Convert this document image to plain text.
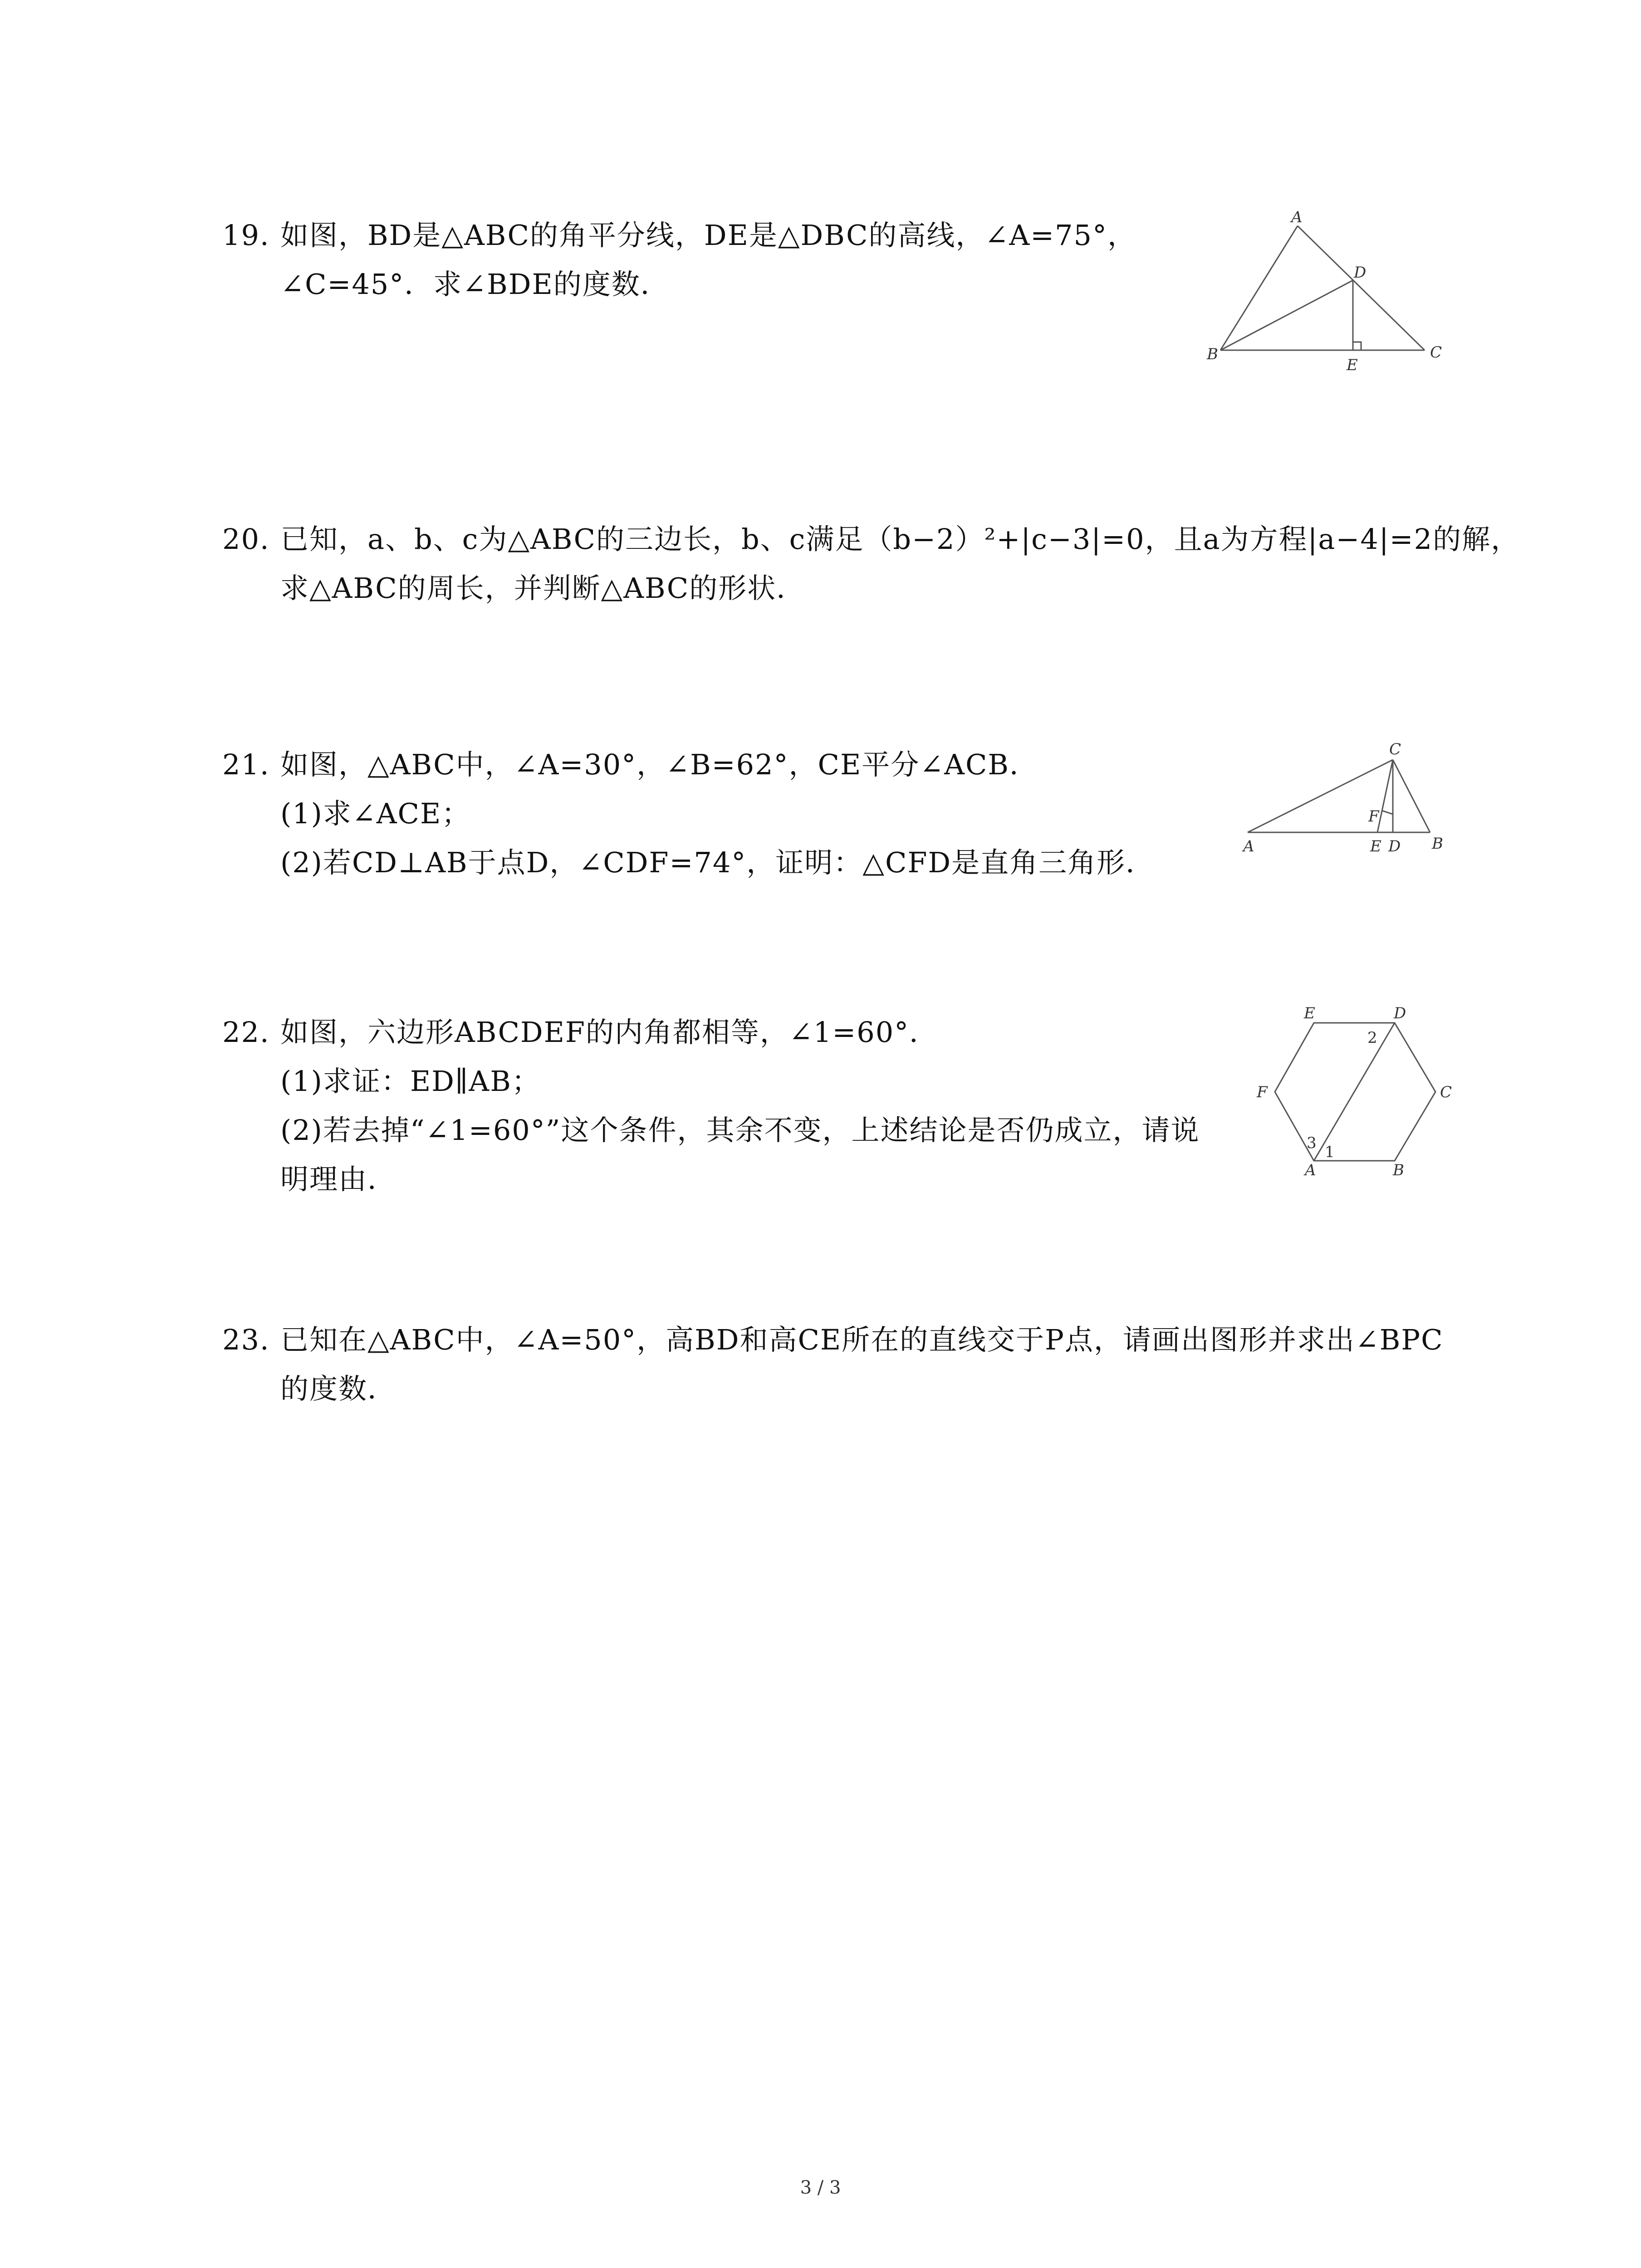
19. 如图，BD是△ABC的角平分线，DE是△DBC的高线，∠A=75°，
∠C=45°．求∠BDE的度数．
A
B	C
D
E
20. 已知，a、b、c为△ABC的三边长，b、c满足（b−2）²+|c−3|=0，且a为方程|a−4|=2的解，
求△ABC的周长，并判断△ABC的形状．
21. 如图，△ABC中，∠A=30°，∠B=62°，CE平分∠ACB．
(1)求∠ACE；
(2)若CD⊥AB于点D，∠CDF=74°，证明：△CFD是直角三角形．
C
A	B
E D
F
22. 如图，六边形ABCDEF的内角都相等，∠1=60°．
(1)求证：ED∥AB；
(2)若去掉“∠1=60°”这个条件，其余不变，上述结论是否仍成立，请说
明理由．
E	D
C
F
A	B
2
1
3
23. 已知在△ABC中，∠A=50°，高BD和高CE所在的直线交于P点，请画出图形并求出∠BPC
的度数．
3 / 3
